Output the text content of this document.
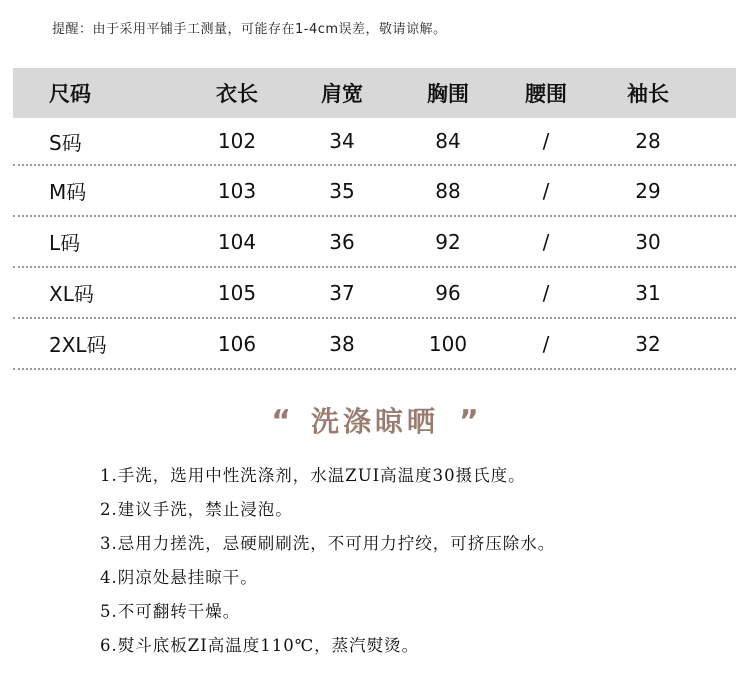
提醒：由于采用平铺手工测量，可能存在1-4cm误差，敬请谅解。
尺码	衣长	肩宽	胸围	腰围	袖长
S码	102	34	84	/	28
M码	103	35	88	/	29
L码	104	36	92	/	30
XL码	105	37	96	/	31
2XL码	106	38	100	/	32
“ 洗涤晾晒 ”
1.手洗，选用中性洗涤剂，水温ZUI高温度30摄氏度。
2.建议手洗，禁止浸泡。
3.忌用力搓洗，忌硬刷刷洗，不可用力拧绞，可挤压除水。
4.阴凉处悬挂晾干。
5.不可翻转干燥。
6.熨斗底板ZI高温度110℃，蒸汽熨烫。
